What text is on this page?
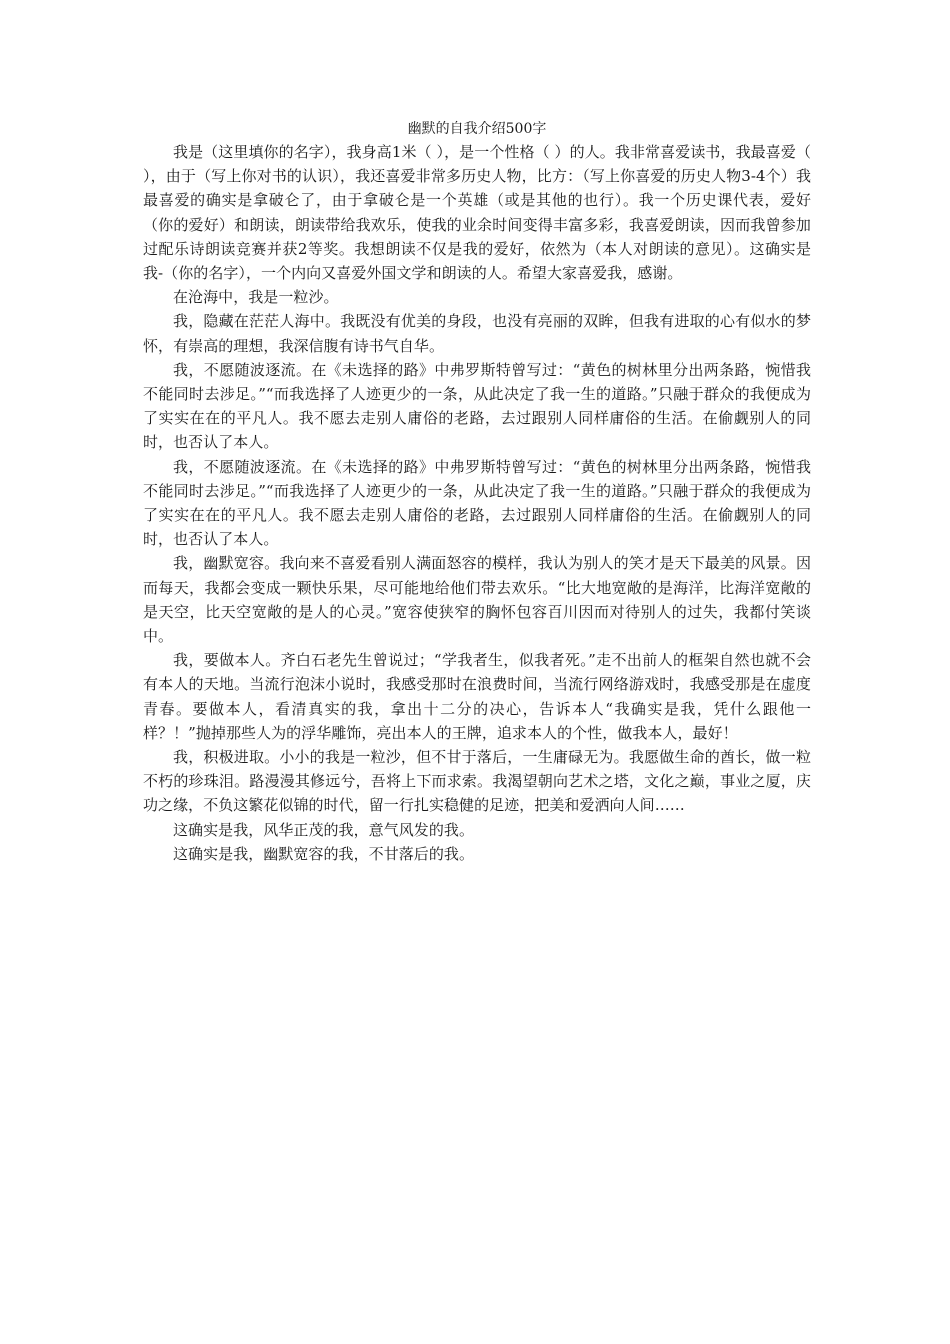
幽默的自我介绍500字

我是（这里填你的名字），我身高1米（ ），是一个性格（ ）的人。我非常喜爱读书，我最喜爱（ ），由于（写上你对书的认识），我还喜爱非常多历史人物，比方：（写上你喜爱的历史人物3-4个）我最喜爱的确实是拿破仑了，由于拿破仑是一个英雄（或是其他的也行）。我一个历史课代表，爱好（你的爱好）和朗读，朗读带给我欢乐，使我的业余时间变得丰富多彩，我喜爱朗读，因而我曾参加过配乐诗朗读竞赛并获2等奖。我想朗读不仅是我的爱好，依然为（本人对朗读的意见）。这确实是我-（你的名字），一个内向又喜爱外国文学和朗读的人。希望大家喜爱我，感谢。

在沧海中，我是一粒沙。

我，隐藏在茫茫人海中。我既没有优美的身段，也没有亮丽的双眸，但我有进取的心有似水的梦怀，有崇高的理想，我深信腹有诗书气自华。

我，不愿随波逐流。在《未选择的路》中弗罗斯特曾写过：“黄色的树林里分出两条路，惋惜我不能同时去涉足。”“而我选择了人迹更少的一条，从此决定了我一生的道路。”只融于群众的我便成为了实实在在的平凡人。我不愿去走别人庸俗的老路，去过跟别人同样庸俗的生活。在偷觑别人的同时，也否认了本人。

我，不愿随波逐流。在《未选择的路》中弗罗斯特曾写过：“黄色的树林里分出两条路，惋惜我不能同时去涉足。”“而我选择了人迹更少的一条，从此决定了我一生的道路。”只融于群众的我便成为了实实在在的平凡人。我不愿去走别人庸俗的老路，去过跟别人同样庸俗的生活。在偷觑别人的同时，也否认了本人。

我，幽默宽容。我向来不喜爱看别人满面怒容的模样，我认为别人的笑才是天下最美的风景。因而每天，我都会变成一颗快乐果，尽可能地给他们带去欢乐。“比大地宽敞的是海洋，比海洋宽敞的是天空，比天空宽敞的是人的心灵。”宽容使狭窄的胸怀包容百川因而对待别人的过失，我都付笑谈中。

我，要做本人。齐白石老先生曾说过；“学我者生，似我者死。”走不出前人的框架自然也就不会有本人的天地。当流行泡沫小说时，我感受那时在浪费时间，当流行网络游戏时，我感受那是在虚度青春。要做本人，看清真实的我，拿出十二分的决心，告诉本人“我确实是我，凭什么跟他一样？！”抛掉那些人为的浮华雕饰，亮出本人的王牌，追求本人的个性，做我本人，最好！

我，积极进取。小小的我是一粒沙，但不甘于落后，一生庸碌无为。我愿做生命的酋长，做一粒不朽的珍珠泪。路漫漫其修远兮，吾将上下而求索。我渴望朝向艺术之塔，文化之巅，事业之厦，庆功之缘，不负这繁花似锦的时代，留一行扎实稳健的足迹，把美和爱洒向人间……

这确实是我，风华正茂的我，意气风发的我。

这确实是我，幽默宽容的我，不甘落后的我。
